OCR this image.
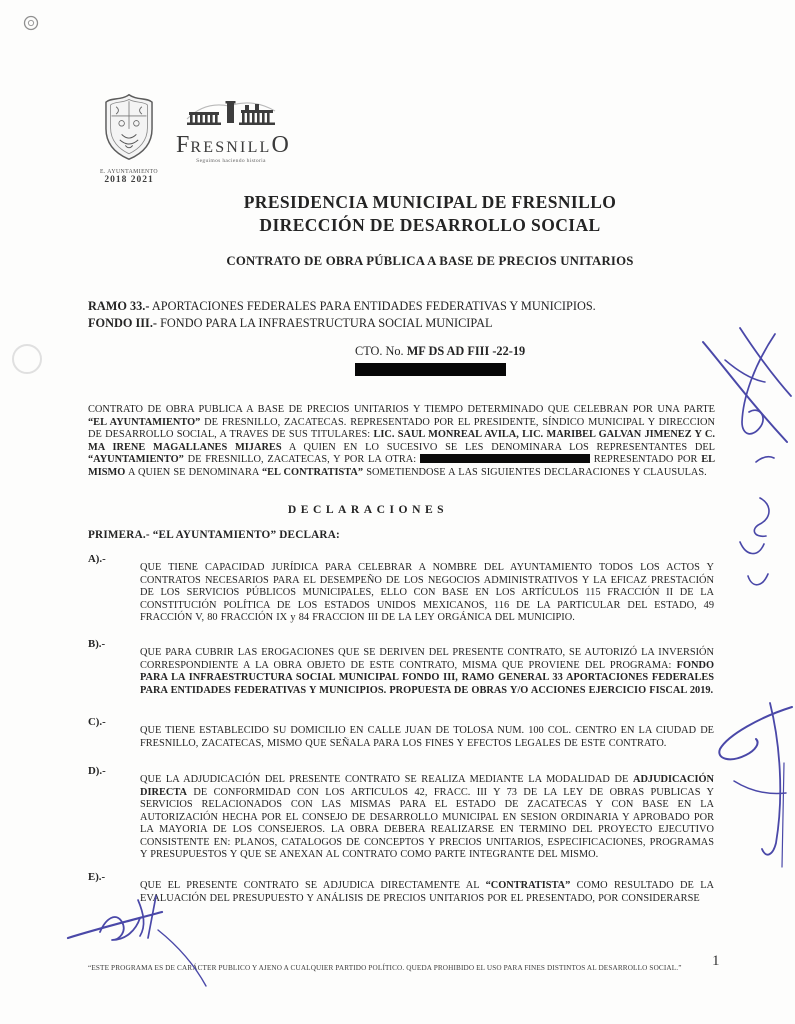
E. AYUNTAMIENTO
2018 2021
FRESNILLO
Seguimos haciendo historia
PRESIDENCIA MUNICIPAL DE FRESNILLO
DIRECCIÓN DE DESARROLLO SOCIAL
CONTRATO DE OBRA PÚBLICA A BASE DE PRECIOS UNITARIOS
RAMO 33.- APORTACIONES FEDERALES PARA ENTIDADES FEDERATIVAS Y MUNICIPIOS.
FONDO III.- FONDO PARA LA INFRAESTRUCTURA SOCIAL MUNICIPAL
CTO. No. MF DS AD FIII -22-19

CONTRATO DE OBRA PUBLICA A BASE DE PRECIOS UNITARIOS Y TIEMPO DETERMINADO QUE CELEBRAN POR UNA PARTE “EL AYUNTAMIENTO” DE FRESNILLO, ZACATECAS. REPRESENTADO POR EL PRESIDENTE, SÍNDICO MUNICIPAL Y DIRECCION DE DESARROLLO SOCIAL, A TRAVES DE SUS TITULARES: LIC. SAUL MONREAL AVILA, LIC. MARIBEL GALVAN JIMENEZ Y C. MA IRENE MAGALLANES MIJARES A QUIEN EN LO SUCESIVO SE LES DENOMINARA LOS REPRESENTANTES DEL “AYUNTAMIENTO” DE FRESNILLO, ZACATECAS, Y POR LA OTRA:	REPRESENTADO POR EL MISMO A QUIEN SE DENOMINARA “EL CONTRATISTA” SOMETIENDOSE A LAS SIGUIENTES DECLARACIONES Y CLAUSULAS.

DECLARACIONES
PRIMERA.- “EL AYUNTAMIENTO” DECLARA:
A).-

QUE TIENE CAPACIDAD JURÍDICA PARA CELEBRAR A NOMBRE DEL AYUNTAMIENTO TODOS LOS ACTOS Y CONTRATOS NECESARIOS PARA EL DESEMPEÑO DE LOS NEGOCIOS ADMINISTRATIVOS Y LA EFICAZ PRESTACIÓN DE LOS SERVICIOS PÚBLICOS MUNICIPALES, ELLO CON BASE EN LOS ARTÍCULOS 115 FRACCIÓN II DE LA CONSTITUCIÓN POLÍTICA DE LOS ESTADOS UNIDOS MEXICANOS, 116 DE LA PARTICULAR DEL ESTADO, 49 FRACCIÓN V, 80 FRACCIÓN IX y 84 FRACCION III DE LA LEY ORGÁNICA DEL MUNICIPIO.

B).-

QUE PARA CUBRIR LAS EROGACIONES QUE SE DERIVEN DEL PRESENTE CONTRATO, SE AUTORIZÓ LA INVERSIÓN CORRESPONDIENTE A LA OBRA OBJETO DE ESTE CONTRATO, MISMA QUE PROVIENE DEL PROGRAMA: FONDO PARA LA INFRAESTRUCTURA SOCIAL MUNICIPAL FONDO III, RAMO GENERAL 33 APORTACIONES FEDERALES PARA ENTIDADES FEDERATIVAS Y MUNICIPIOS. PROPUESTA DE OBRAS Y/O ACCIONES EJERCICIO FISCAL 2019.

C).-

QUE TIENE ESTABLECIDO SU DOMICILIO EN CALLE JUAN DE TOLOSA NUM. 100 COL. CENTRO EN LA CIUDAD DE FRESNILLO, ZACATECAS, MISMO QUE SEÑALA PARA LOS FINES Y EFECTOS LEGALES DE ESTE CONTRATO.

D).-

QUE LA ADJUDICACIÓN DEL PRESENTE CONTRATO SE REALIZA MEDIANTE LA MODALIDAD DE ADJUDICACIÓN DIRECTA DE CONFORMIDAD CON LOS ARTICULOS 42, FRACC. III Y 73 DE LA LEY DE OBRAS PUBLICAS Y SERVICIOS RELACIONADOS CON LAS MISMAS PARA EL ESTADO DE ZACATECAS Y CON BASE EN LA AUTORIZACIÓN HECHA POR EL CONSEJO DE DESARROLLO MUNICIPAL EN SESION ORDINARIA Y APROBADO POR LA MAYORIA DE LOS CONSEJEROS. LA OBRA DEBERA REALIZARSE EN TERMINO DEL PROYECTO EJECUTIVO CONSISTENTE EN: PLANOS, CATALOGOS DE CONCEPTOS Y PRECIOS UNITARIOS, ESPECIFICACIONES, PROGRAMAS Y PRESUPUESTOS Y QUE SE ANEXAN AL CONTRATO COMO PARTE INTEGRANTE DEL MISMO.

E).-

QUE EL PRESENTE CONTRATO SE ADJUDICA DIRECTAMENTE AL “CONTRATISTA” COMO RESULTADO DE LA EVALUACIÓN DEL PRESUPUESTO Y ANÁLISIS DE PRECIOS UNITARIOS POR EL PRESENTADO, POR CONSIDERARSE

“ESTE PROGRAMA ES DE CARÁCTER PUBLICO Y AJENO A CUALQUIER PARTIDO POLÍTICO. QUEDA PROHIBIDO EL USO PARA FINES DISTINTOS AL DESARROLLO SOCIAL.” 1
